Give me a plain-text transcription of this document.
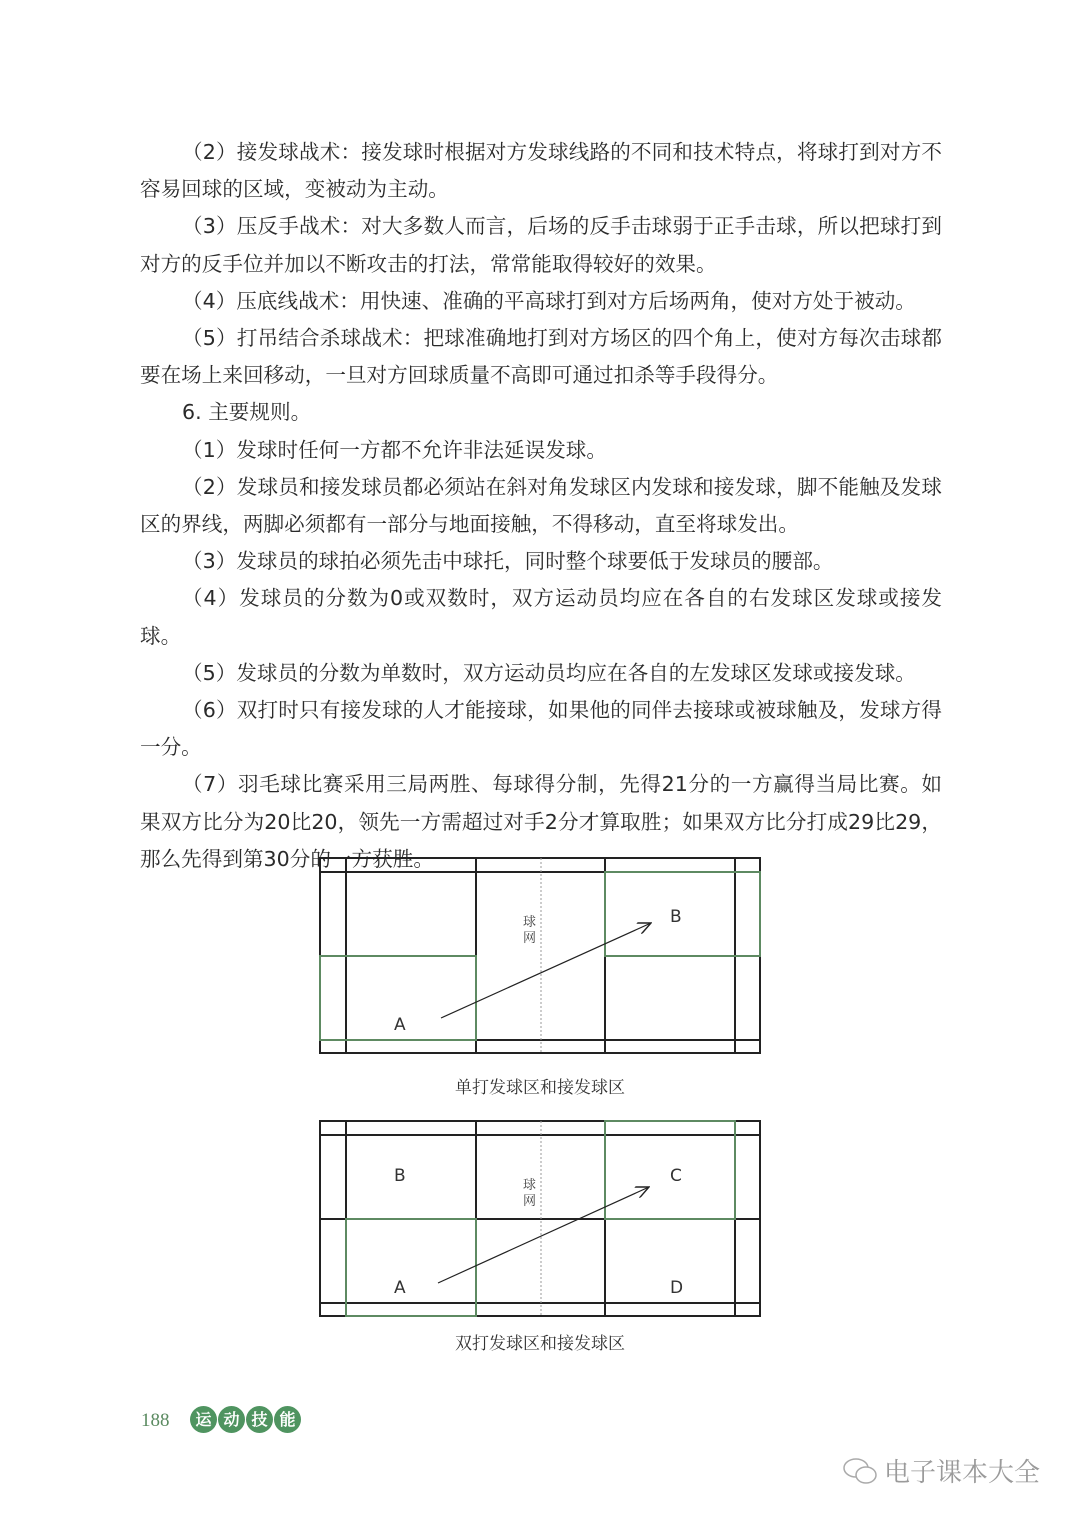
（2）接发球战术：接发球时根据对方发球线路的不同和技术特点，将球打到对方不容易回球的区域，变被动为主动。

（3）压反手战术：对大多数人而言，后场的反手击球弱于正手击球，所以把球打到对方的反手位并加以不断攻击的打法，常常能取得较好的效果。

（4）压底线战术：用快速、准确的平高球打到对方后场两角，使对方处于被动。

（5）打吊结合杀球战术：把球准确地打到对方场区的四个角上，使对方每次击球都要在场上来回移动，一旦对方回球质量不高即可通过扣杀等手段得分。

6. 主要规则。

（1）发球时任何一方都不允许非法延误发球。

（2）发球员和接发球员都必须站在斜对角发球区内发球和接发球，脚不能触及发球区的界线，两脚必须都有一部分与地面接触，不得移动，直至将球发出。

（3）发球员的球拍必须先击中球托，同时整个球要低于发球员的腰部。

（4）发球员的分数为0或双数时，双方运动员均应在各自的右发球区发球或接发球。

（5）发球员的分数为单数时，双方运动员均应在各自的左发球区发球或接发球。

（6）双打时只有接发球的人才能接球，如果他的同伴去接球或被球触及，发球方得一分。

（7）羽毛球比赛采用三局两胜、每球得分制，先得21分的一方赢得当局比赛。如果双方比分为20比20，领先一方需超过对手2分才算取胜；如果双方比分打成29比29，那么先得到第30分的一方获胜。

球
网
A
B
单打发球区和接发球区
球
网
A
B	C
D
双打发球区和接发球区
188	运 动 技 能
电子课本大全
